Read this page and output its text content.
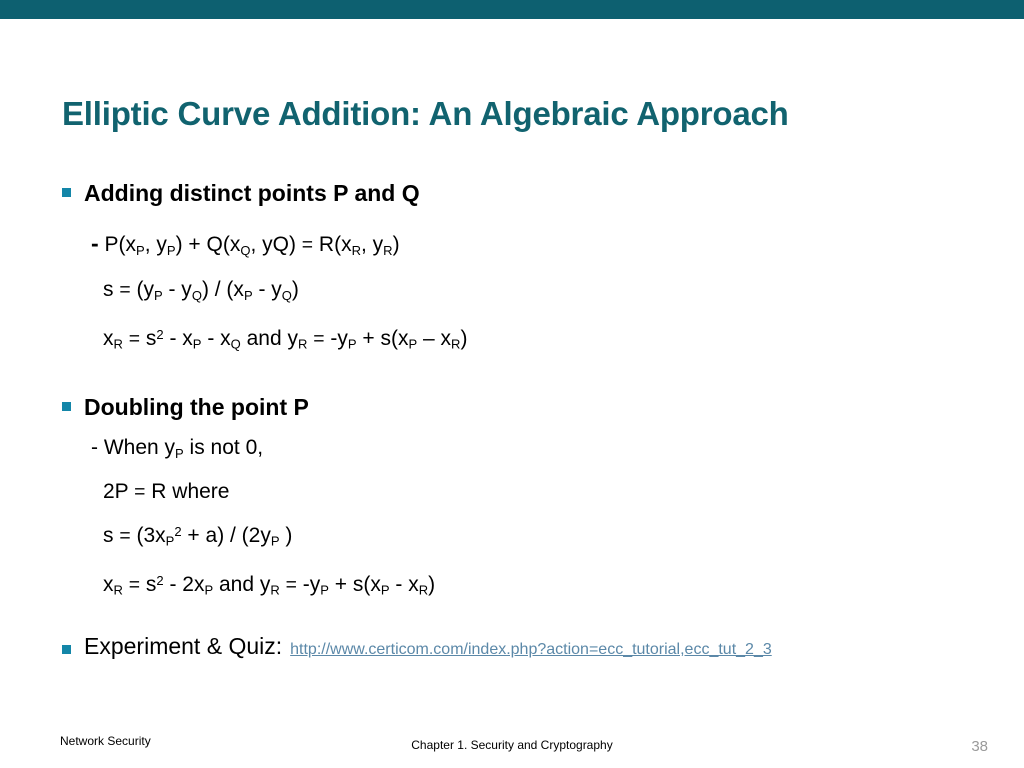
Elliptic Curve Addition: An Algebraic Approach
Adding distinct points P and Q
- $P(x_P$, $y_P) + Q(x_Q$, $yQ) = R(x_R$, $y_R$)
$s = (y_P - y_Q) / (x_P - y_Q)$
$x_R = s^2 - x_P - x_Q$ and $y_R = -y_P + s(x_P - x_R)$
Doubling the point P
- When $y_P$ is not 0,
2P = R where
$s = (3x_P^2 + a) / (2y_P$ )
$x_R = s^2 - 2x_P$ and $y_R = -y_P + s(x_P - x_R)$
Experiment & Quiz: http://www.certicom.com/index.php?action=ecc_tutorial,ecc_tut_2_3
Network Security	Chapter 1. Security and Cryptography	38
